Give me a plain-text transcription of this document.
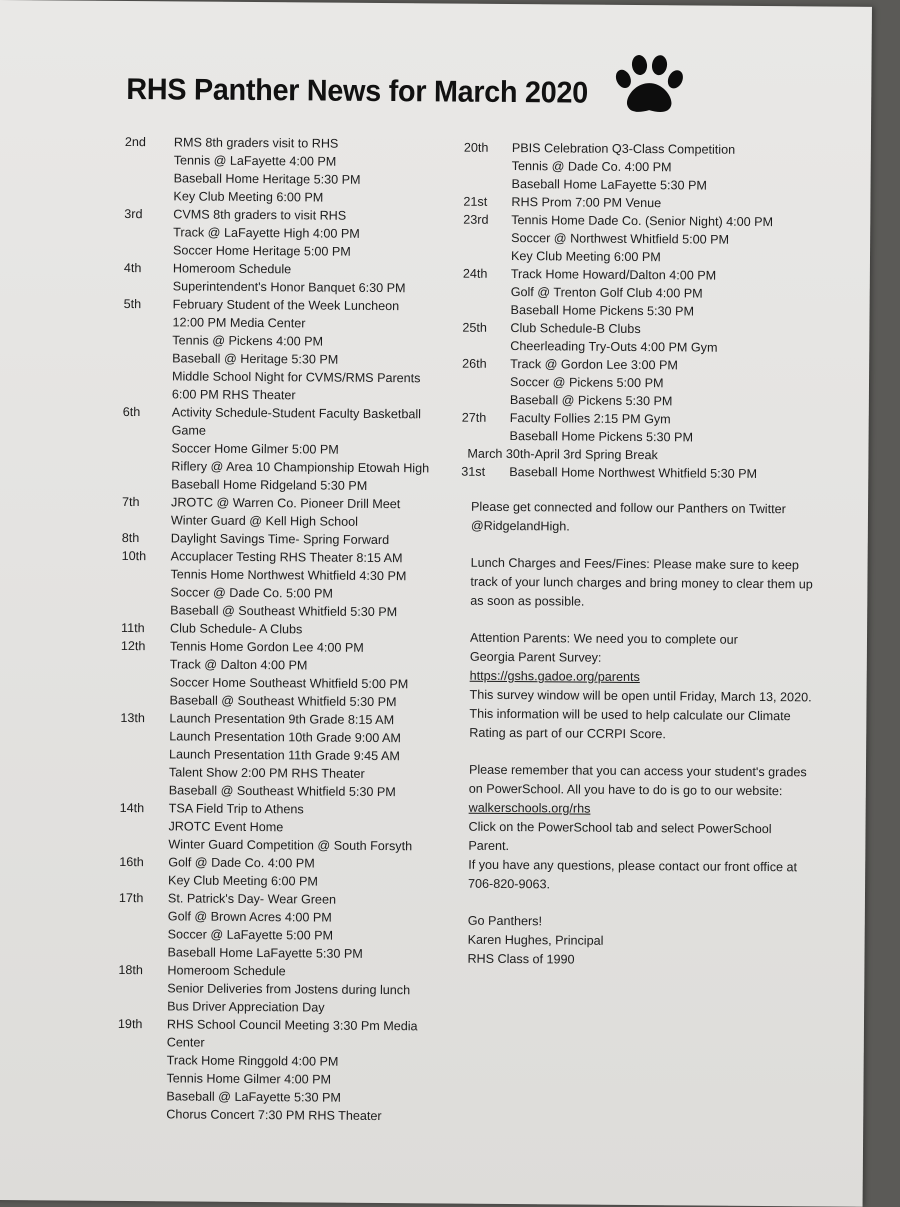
RHS Panther News for March 2020
2nd	RMS 8th graders visit to RHS
Tennis @ LaFayette 4:00 PM
Baseball Home Heritage 5:30 PM
Key Club Meeting 6:00 PM
3rd	CVMS 8th graders to visit RHS
Track @ LaFayette High 4:00 PM
Soccer Home Heritage 5:00 PM
4th	Homeroom Schedule
Superintendent's Honor Banquet 6:30 PM
5th	February Student of the Week Luncheon
12:00 PM Media Center
Tennis @ Pickens 4:00 PM
Baseball @ Heritage 5:30 PM
Middle School Night for CVMS/RMS Parents
6:00 PM RHS Theater
6th	Activity Schedule-Student Faculty Basketball
Game
Soccer Home Gilmer 5:00 PM
Riflery @ Area 10 Championship Etowah High
Baseball Home Ridgeland 5:30 PM
7th	JROTC @ Warren Co. Pioneer Drill Meet
Winter Guard @ Kell High School
8th	Daylight Savings Time- Spring Forward
10th	Accuplacer Testing RHS Theater 8:15 AM
Tennis Home Northwest Whitfield 4:30 PM
Soccer @ Dade Co. 5:00 PM
Baseball @ Southeast Whitfield 5:30 PM
11th	Club Schedule- A Clubs
12th	Tennis Home Gordon Lee 4:00 PM
Track @ Dalton 4:00 PM
Soccer Home Southeast Whitfield 5:00 PM
Baseball @ Southeast Whitfield 5:30 PM
13th	Launch Presentation 9th Grade 8:15 AM
Launch Presentation 10th Grade 9:00 AM
Launch Presentation 11th Grade 9:45 AM
Talent Show 2:00 PM RHS Theater
Baseball @ Southeast Whitfield 5:30 PM
14th	TSA Field Trip to Athens
JROTC Event Home
Winter Guard Competition @ South Forsyth
16th	Golf @ Dade Co. 4:00 PM
Key Club Meeting 6:00 PM
17th	St. Patrick's Day- Wear Green
Golf @ Brown Acres 4:00 PM
Soccer @ LaFayette 5:00 PM
Baseball Home LaFayette 5:30 PM
18th	Homeroom Schedule
Senior Deliveries from Jostens during lunch
Bus Driver Appreciation Day
19th	RHS School Council Meeting 3:30 Pm Media
Center
Track Home Ringgold 4:00 PM
Tennis Home Gilmer 4:00 PM
Baseball @ LaFayette 5:30 PM
Chorus Concert 7:30 PM RHS Theater
20th	PBIS Celebration Q3-Class Competition
Tennis @ Dade Co. 4:00 PM
Baseball Home LaFayette 5:30 PM
21st	RHS Prom 7:00 PM Venue
23rd	Tennis Home Dade Co. (Senior Night) 4:00 PM
Soccer @ Northwest Whitfield 5:00 PM
Key Club Meeting 6:00 PM
24th	Track Home Howard/Dalton 4:00 PM
Golf @ Trenton Golf Club 4:00 PM
Baseball Home Pickens 5:30 PM
25th	Club Schedule-B Clubs
Cheerleading Try-Outs 4:00 PM Gym
26th	Track @ Gordon Lee 3:00 PM
Soccer @ Pickens 5:00 PM
Baseball @ Pickens 5:30 PM
27th	Faculty Follies 2:15 PM Gym
Baseball Home Pickens 5:30 PM
March 30th-April 3rd Spring Break
31st	Baseball Home Northwest Whitfield 5:30 PM

Please get connected and follow our Panthers on Twitter
@RidgelandHigh.

Lunch Charges and Fees/Fines: Please make sure to keep
track of your lunch charges and bring money to clear them up
as soon as possible.

Attention Parents: We need you to complete our
Georgia Parent Survey:
https://gshs.gadoe.org/parents
This survey window will be open until Friday, March 13, 2020.
This information will be used to help calculate our Climate
Rating as part of our CCRPI Score.

Please remember that you can access your student's grades
on PowerSchool. All you have to do is go to our website:
walkerschools.org/rhs
Click on the PowerSchool tab and select PowerSchool
Parent.
If you have any questions, please contact our front office at
706-820-9063.

Go Panthers!
Karen Hughes, Principal
RHS Class of 1990
